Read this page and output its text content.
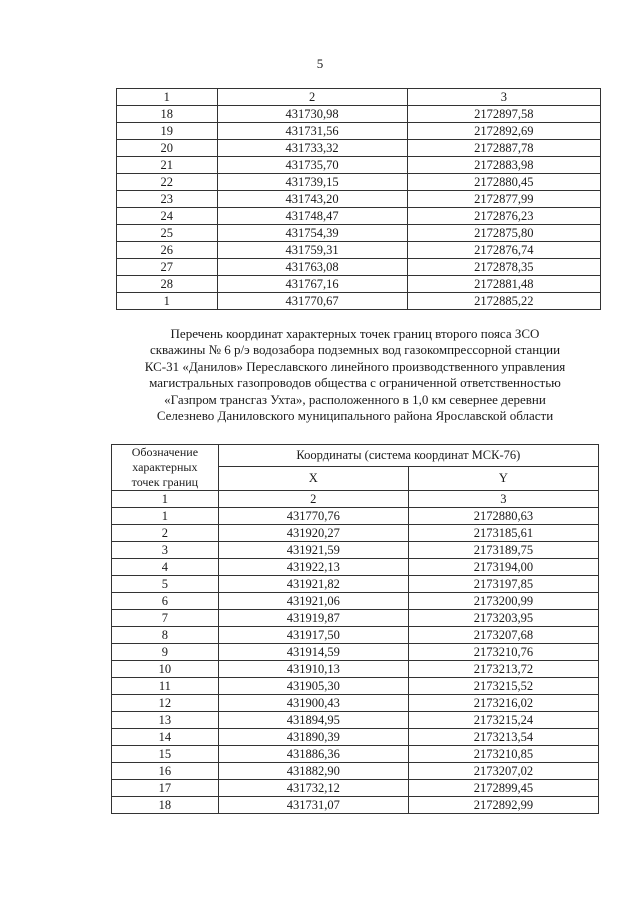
5
1	2	3
18	431730,98	2172897,58
19	431731,56	2172892,69
20	431733,32	2172887,78
21	431735,70	2172883,98
22	431739,15	2172880,45
23	431743,20	2172877,99
24	431748,47	2172876,23
25	431754,39	2172875,80
26	431759,31	2172876,74
27	431763,08	2172878,35
28	431767,16	2172881,48
1	431770,67	2172885,22
Перечень координат характерных точек границ второго пояса ЗСО
скважины № 6 р/э водозабора подземных вод газокомпрессорной станции
КС-31 «Данилов» Переславского линейного производственного управления
магистральных газопроводов общества с ограниченной ответственностью
«Газпром трансгаз Ухта», расположенного в 1,0 км севернее деревни
Селезнево Даниловского муниципального района Ярославской области
Обозначение
характерных
точек границ	Координаты (система координат МСК-76)	
	X	Y
1	2	3
1	431770,76	2172880,63
2	431920,27	2173185,61
3	431921,59	2173189,75
4	431922,13	2173194,00
5	431921,82	2173197,85
6	431921,06	2173200,99
7	431919,87	2173203,95
8	431917,50	2173207,68
9	431914,59	2173210,76
10	431910,13	2173213,72
11	431905,30	2173215,52
12	431900,43	2173216,02
13	431894,95	2173215,24
14	431890,39	2173213,54
15	431886,36	2173210,85
16	431882,90	2173207,02
17	431732,12	2172899,45
18	431731,07	2172892,99
